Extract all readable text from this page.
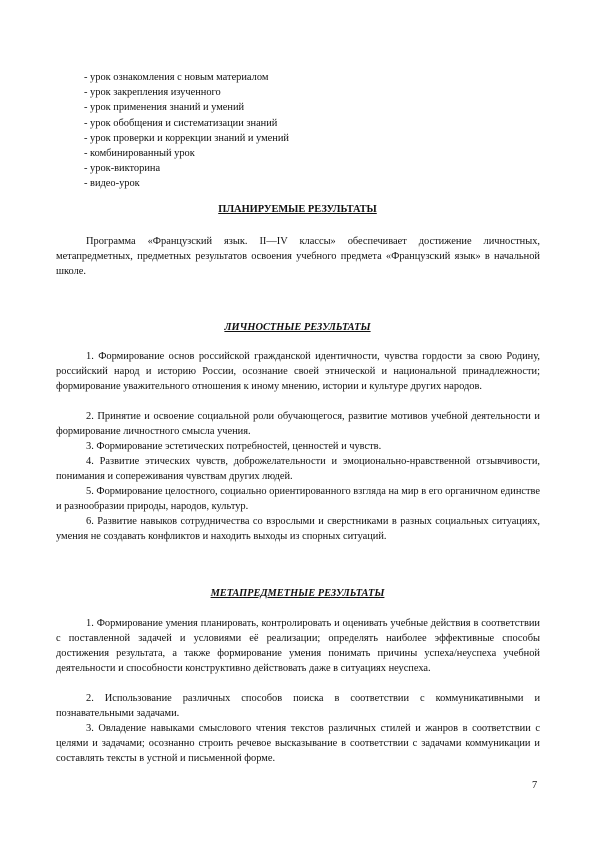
- урок ознакомления с новым материалом
- урок закрепления изученного
- урок применения знаний и умений
- урок обобщения и систематизации знаний
- урок проверки и коррекции знаний и умений
- комбинированный урок
- урок-викторина
- видео-урок
ПЛАНИРУЕМЫЕ РЕЗУЛЬТАТЫ

Программа «Французский язык. II—IV классы» обеспечивает достижение личностных, метапредметных, предметных результатов освоения учебного предмета «Французский язык» в начальной школе.

ЛИЧНОСТНЫЕ РЕЗУЛЬТАТЫ

1. Формирование основ российской гражданской идентичности, чувства гордости за свою Родину, российский народ и историю России, осознание своей этнической и национальной принадлежности; формирование уважительного отношения к иному мнению, истории и культуре других народов.

2. Принятие и освоение социальной роли обучающегося, развитие мотивов учебной деятельности и формирование личностного смысла учения.

3. Формирование эстетических потребностей, ценностей и чувств.

4. Развитие этических чувств, доброжелательности и эмоционально-нравственной отзывчивости, понимания и сопереживания чувствам других людей.

5. Формирование целостного, социально ориентированного взгляда на мир в его органичном единстве и разнообразии природы, народов, культур.

6. Развитие навыков сотрудничества со взрослыми и сверстниками в разных социальных ситуациях, умения не создавать конфликтов и находить выходы из спорных ситуаций.

МЕТАПРЕДМЕТНЫЕ РЕЗУЛЬТАТЫ

1. Формирование умения планировать, контролировать и оценивать учебные действия в соответствии с поставленной задачей и условиями её реализации; определять наиболее эффективные способы достижения результата, а также формирование умения понимать причины успеха/неуспеха учебной деятельности и способности конструктивно действовать даже в ситуациях неуспеха.

2. Использование различных способов поиска в соответствии с коммуникативными и познавательными задачами.

3. Овладение навыками смыслового чтения текстов различных стилей и жанров в соответствии с целями и задачами; осознанно строить речевое высказывание в соответствии с задачами коммуникации и составлять тексты в устной и письменной форме.

7
